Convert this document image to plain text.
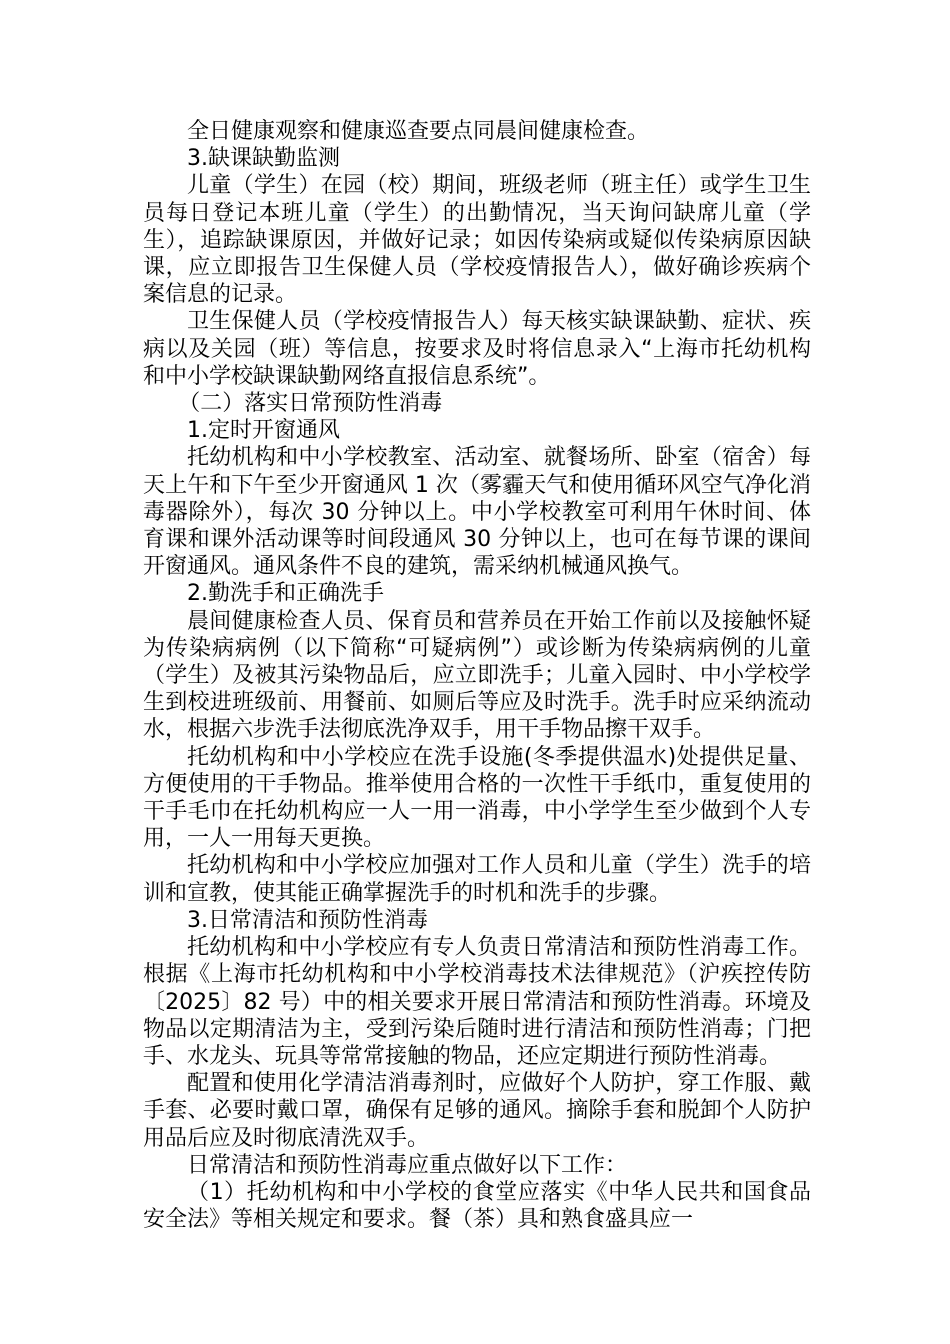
全日健康观察和健康巡查要点同晨间健康检查。

3.缺课缺勤监测

儿童（学生）在园（校）期间，班级老师（班主任）或学生卫生员每日登记本班儿童（学生）的出勤情况，当天询问缺席儿童（学生），追踪缺课原因，并做好记录；如因传染病或疑似传染病原因缺课，应立即报告卫生保健人员（学校疫情报告人），做好确诊疾病个案信息的记录。

卫生保健人员（学校疫情报告人）每天核实缺课缺勤、症状、疾病以及关园（班）等信息，按要求及时将信息录入“上海市托幼机构和中小学校缺课缺勤网络直报信息系统”。

（二）落实日常预防性消毒

1.定时开窗通风

托幼机构和中小学校教室、活动室、就餐场所、卧室（宿舍）每天上午和下午至少开窗通风 1 次（雾霾天气和使用循环风空气净化消毒器除外），每次 30 分钟以上。中小学校教室可利用午休时间、体育课和课外活动课等时间段通风 30 分钟以上，也可在每节课的课间开窗通风。通风条件不良的建筑，需采纳机械通风换气。

2.勤洗手和正确洗手

晨间健康检查人员、保育员和营养员在开始工作前以及接触怀疑为传染病病例（以下简称“可疑病例”）或诊断为传染病病例的儿童（学生）及被其污染物品后，应立即洗手；儿童入园时、中小学校学生到校进班级前、用餐前、如厕后等应及时洗手。洗手时应采纳流动水，根据六步洗手法彻底洗净双手，用干手物品擦干双手。

托幼机构和中小学校应在洗手设施(冬季提供温水)处提供足量、方便使用的干手物品。推举使用合格的一次性干手纸巾，重复使用的干手毛巾在托幼机构应一人一用一消毒，中小学学生至少做到个人专用，一人一用每天更换。

托幼机构和中小学校应加强对工作人员和儿童（学生）洗手的培训和宣教，使其能正确掌握洗手的时机和洗手的步骤。

3.日常清洁和预防性消毒

托幼机构和中小学校应有专人负责日常清洁和预防性消毒工作。根据《上海市托幼机构和中小学校消毒技术法律规范》（沪疾控传防〔2025〕82 号）中的相关要求开展日常清洁和预防性消毒。环境及物品以定期清洁为主，受到污染后随时进行清洁和预防性消毒；门把手、水龙头、玩具等常常接触的物品，还应定期进行预防性消毒。

配置和使用化学清洁消毒剂时，应做好个人防护，穿工作服、戴手套、必要时戴口罩，确保有足够的通风。摘除手套和脱卸个人防护用品后应及时彻底清洗双手。

日常清洁和预防性消毒应重点做好以下工作：

（1）托幼机构和中小学校的食堂应落实《中华人民共和国食品安全法》等相关规定和要求。餐（茶）具和熟食盛具应一
